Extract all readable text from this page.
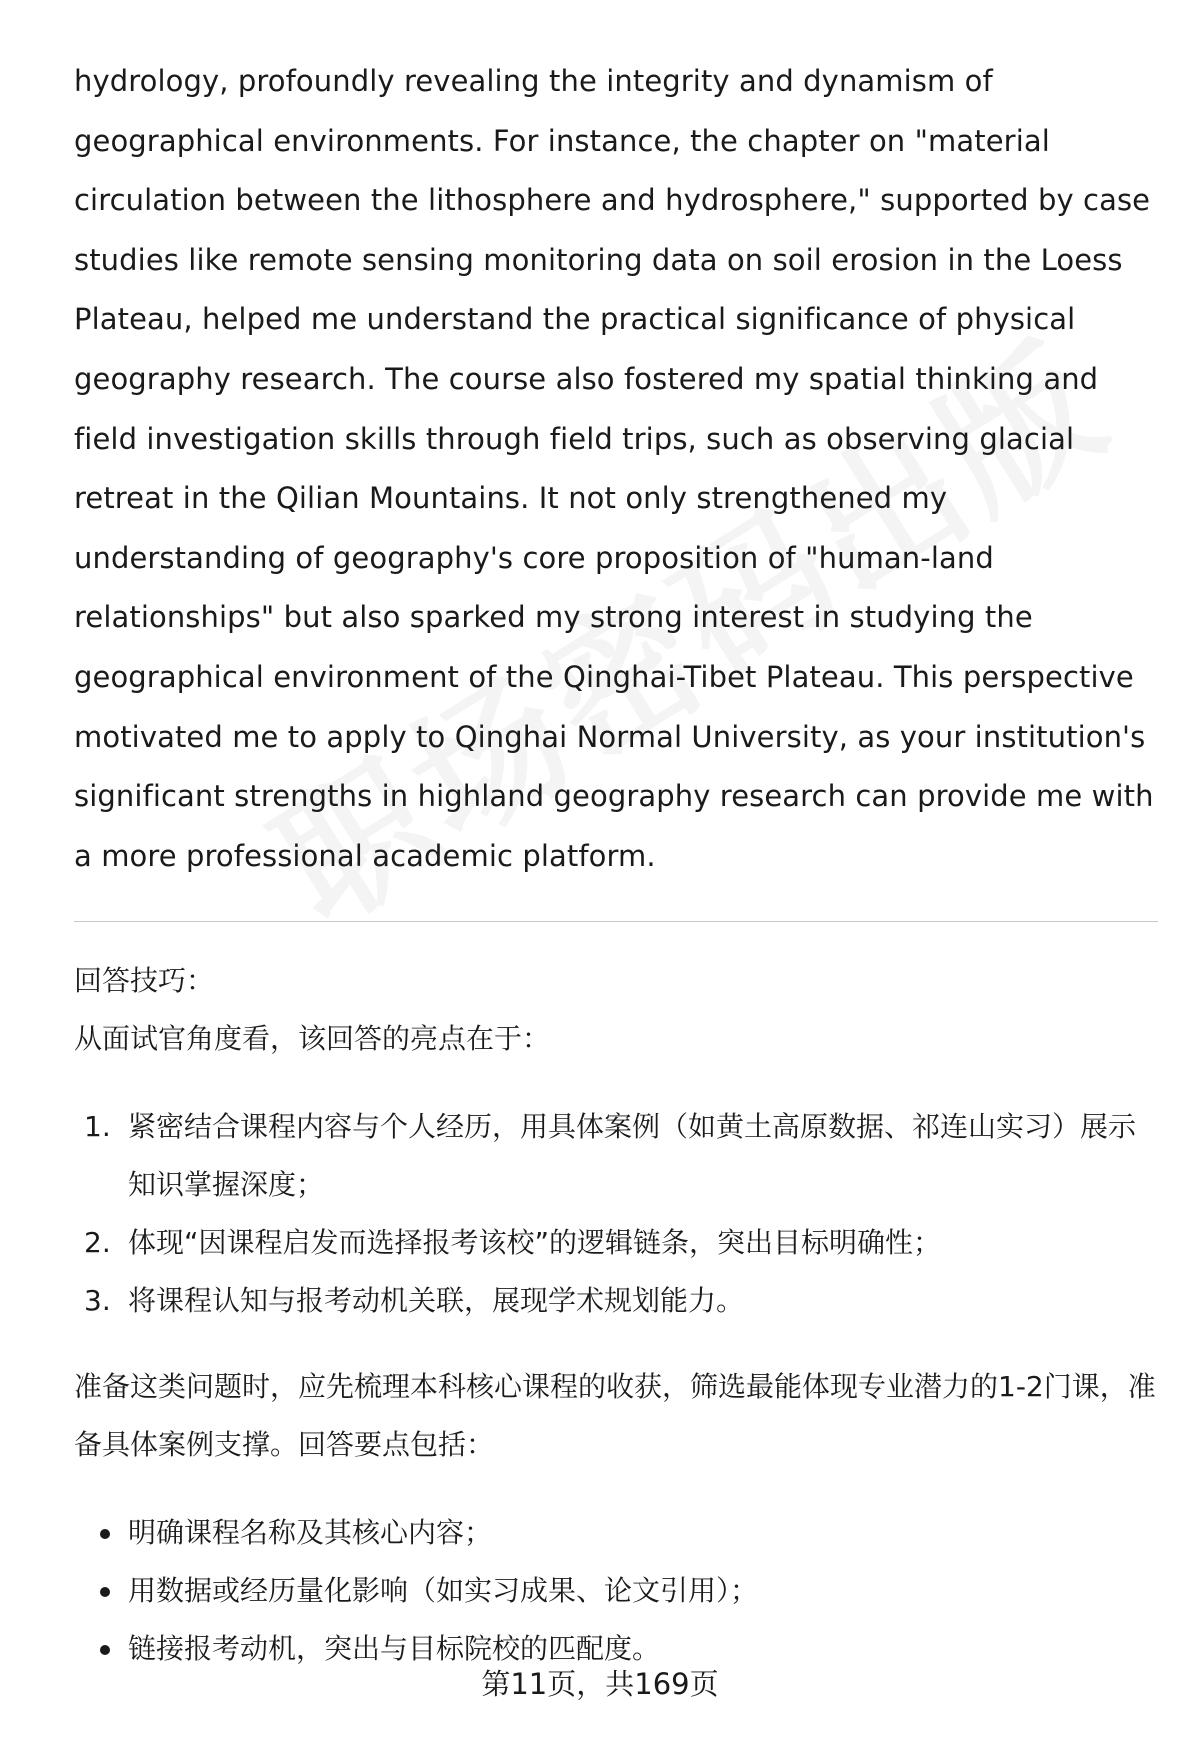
hydrology, profoundly revealing the integrity and dynamism of geographical environments. For instance, the chapter on "material circulation between the lithosphere and hydrosphere," supported by case studies like remote sensing monitoring data on soil erosion in the Loess Plateau, helped me understand the practical significance of physical geography research. The course also fostered my spatial thinking and field investigation skills through field trips, such as observing glacial retreat in the Qilian Mountains. It not only strengthened my understanding of geography's core proposition of "human-land relationships" but also sparked my strong interest in studying the geographical environment of the Qinghai-Tibet Plateau. This perspective motivated me to apply to Qinghai Normal University, as your institution's significant strengths in highland geography research can provide me with a more professional academic platform.

回答技巧：

从面试官角度看，该回答的亮点在于：

1. 紧密结合课程内容与个人经历，用具体案例（如黄土高原数据、祁连山实习）展示知识掌握深度；
2. 体现“因课程启发而选择报考该校”的逻辑链条，突出目标明确性；
3. 将课程认知与报考动机关联，展现学术规划能力。

准备这类问题时，应先梳理本科核心课程的收获，筛选最能体现专业潜力的1-2门课，准备具体案例支撑。回答要点包括：

明确课程名称及其核心内容；
用数据或经历量化影响（如实习成果、论文引用）；
链接报考动机，突出与目标院校的匹配度。
第11页，共169页
